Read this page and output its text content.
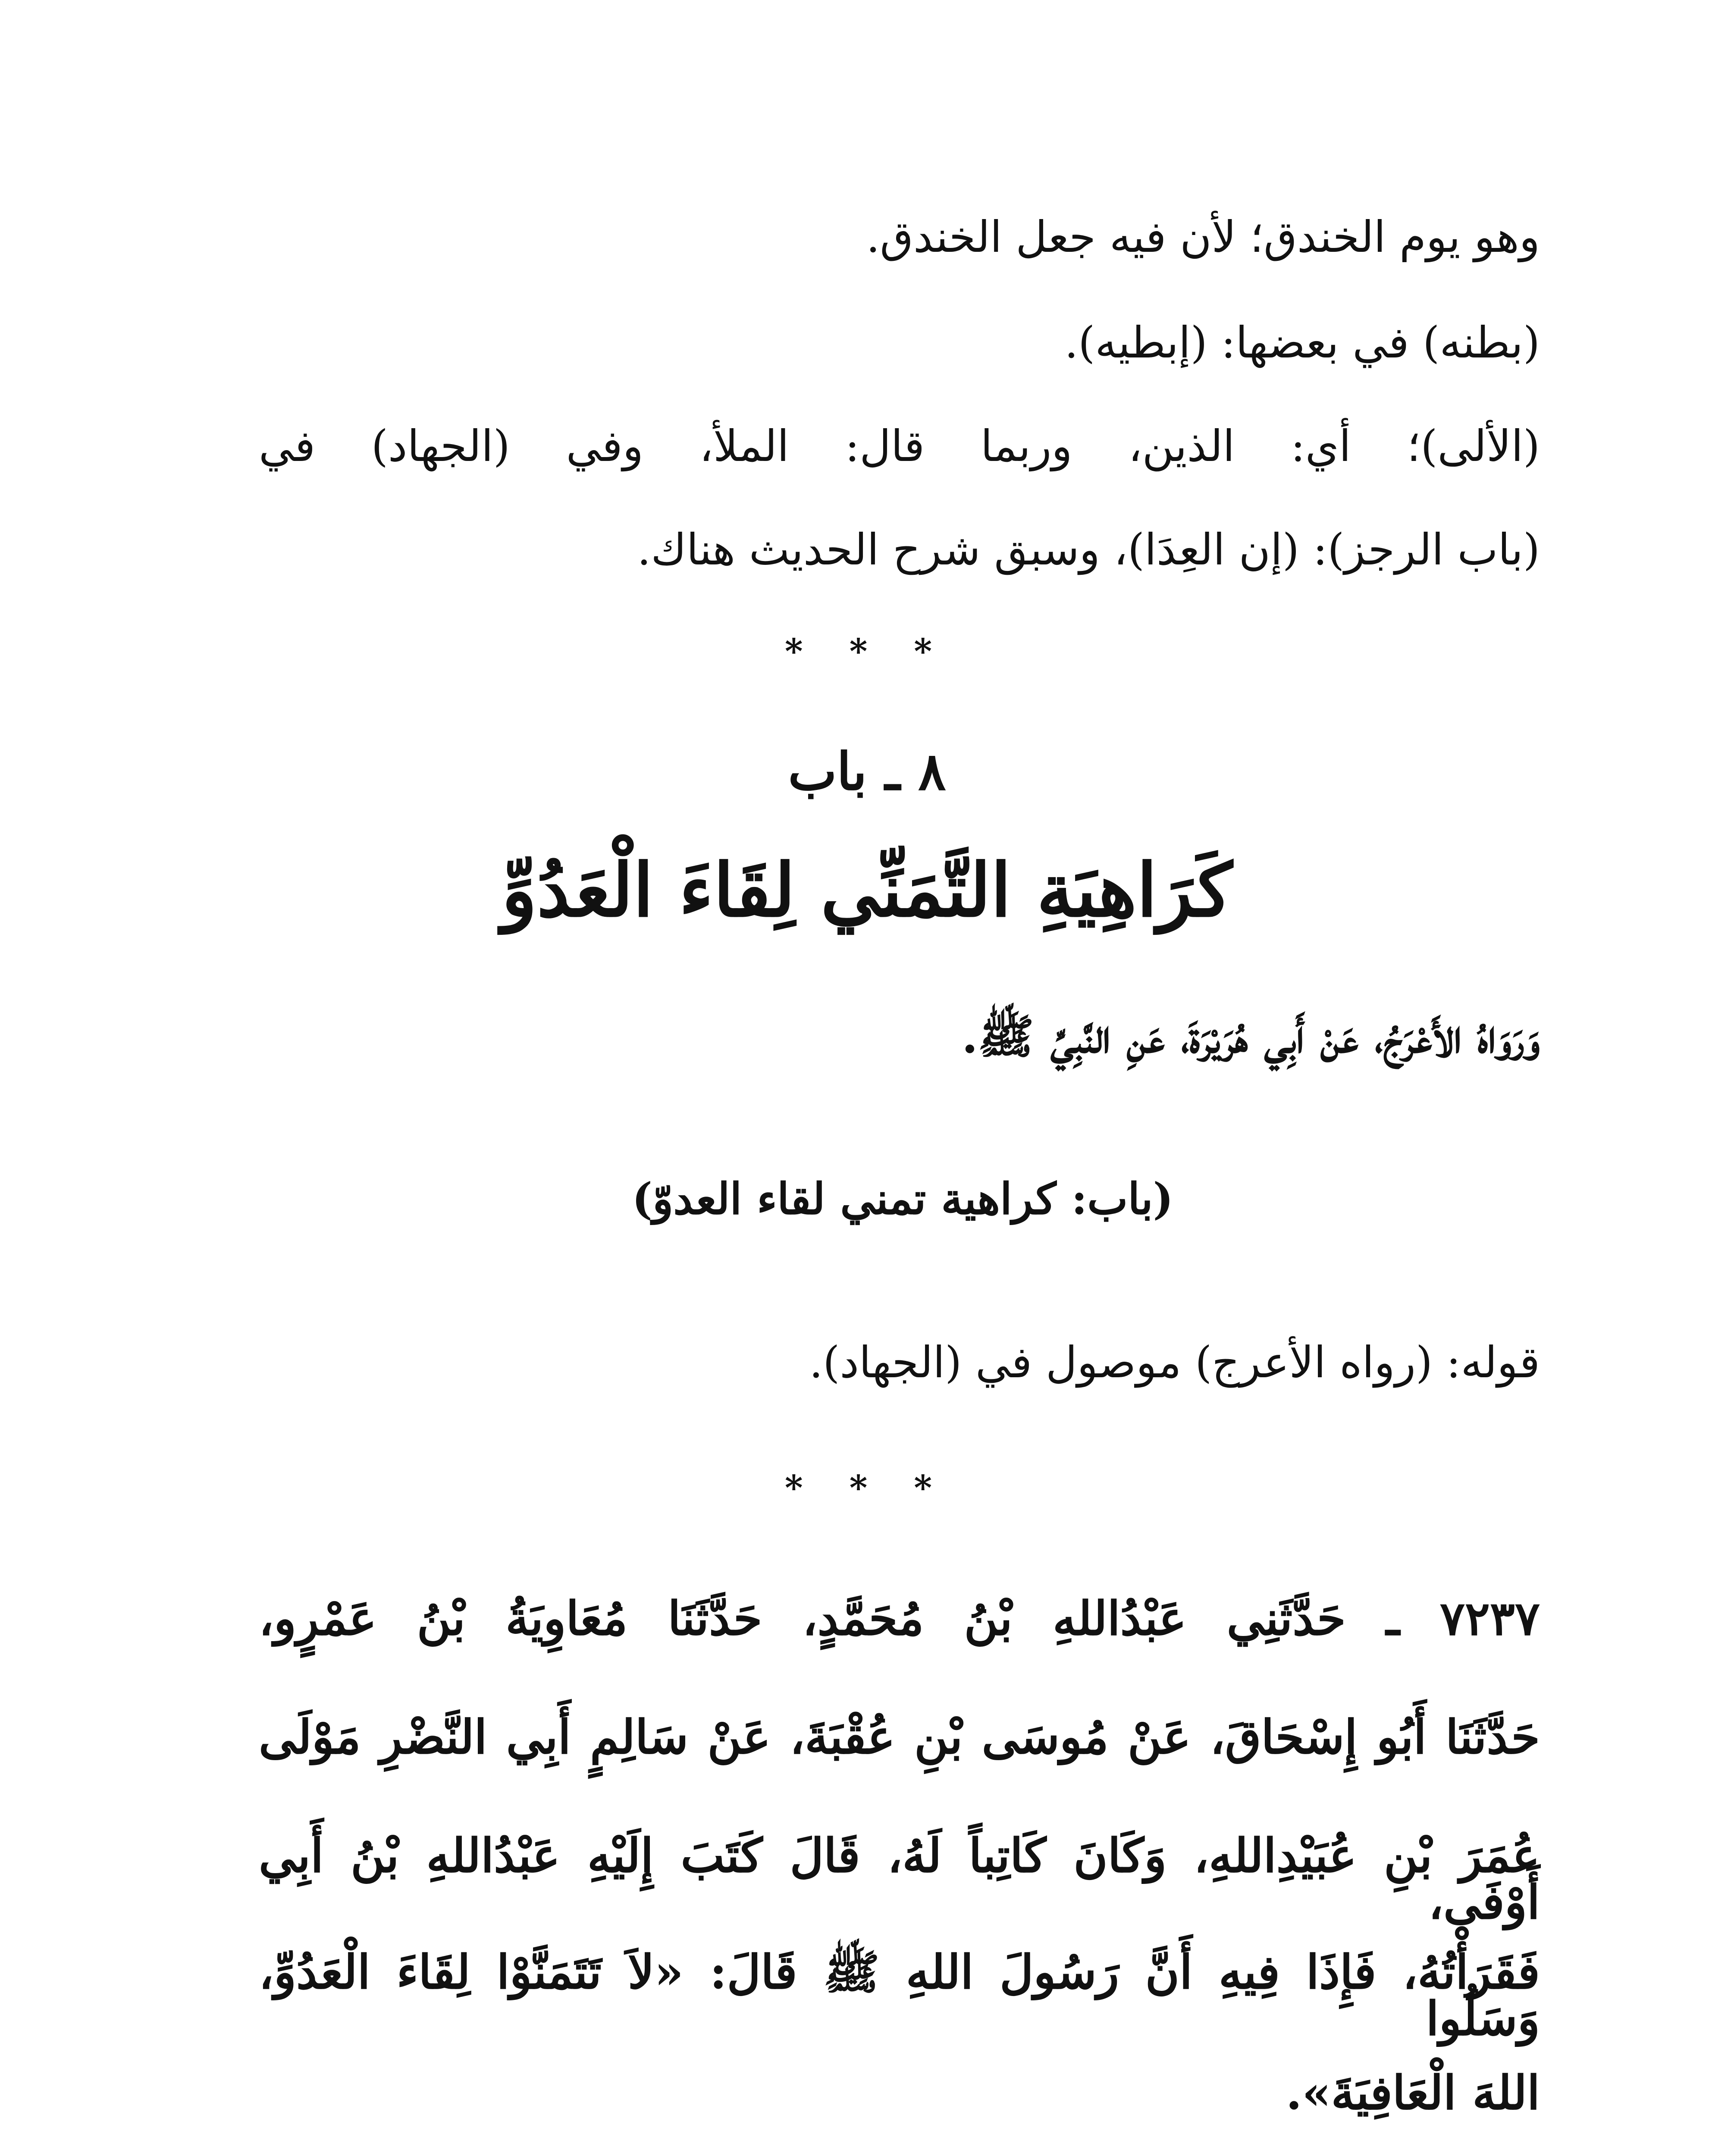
وهو يوم الخندق؛ لأن فيه جعل الخندق.
(بطنه) في بعضها: (إبطيه).
(الألى)؛ أي: الذين، وربما قال: الملأ، وفي (الجهاد) في
(باب الرجز): (إن العِدَا)، وسبق شرح الحديث هناك.
* * *
٨ ـ باب
كَرَاهِيَةِ التَّمَنِّي لِقَاءَ الْعَدُوِّ
وَرَوَاهُ الأَعْرَجُ، عَنْ أَبِي هُرَيْرَةَ، عَنِ النَّبِيِّ ﷺ.
(باب: كراهية تمني لقاء العدوّ)
قوله: (رواه الأعرج) موصول في (الجهاد).
* * *
٧٢٣٧ ـ حَدَّثَنِي عَبْدُاللهِ بْنُ مُحَمَّدٍ، حَدَّثَنَا مُعَاوِيَةُ بْنُ عَمْرٍو،
حَدَّثَنَا أَبُو إِسْحَاقَ، عَنْ مُوسَى بْنِ عُقْبَةَ، عَنْ سَالِمٍ أَبِي النَّضْرِ مَوْلَى
عُمَرَ بْنِ عُبَيْدِاللهِ، وَكَانَ كَاتِباً لَهُ، قَالَ كَتَبَ إِلَيْهِ عَبْدُاللهِ بْنُ أَبِي أَوْفَى،
فَقَرَأْتُهُ، فَإِذَا فِيهِ أَنَّ رَسُولَ اللهِ ﷺ قَالَ: «لاَ تَتَمَنَّوْا لِقَاءَ الْعَدُوِّ، وَسَلُوا
اللهَ الْعَافِيَةَ».
